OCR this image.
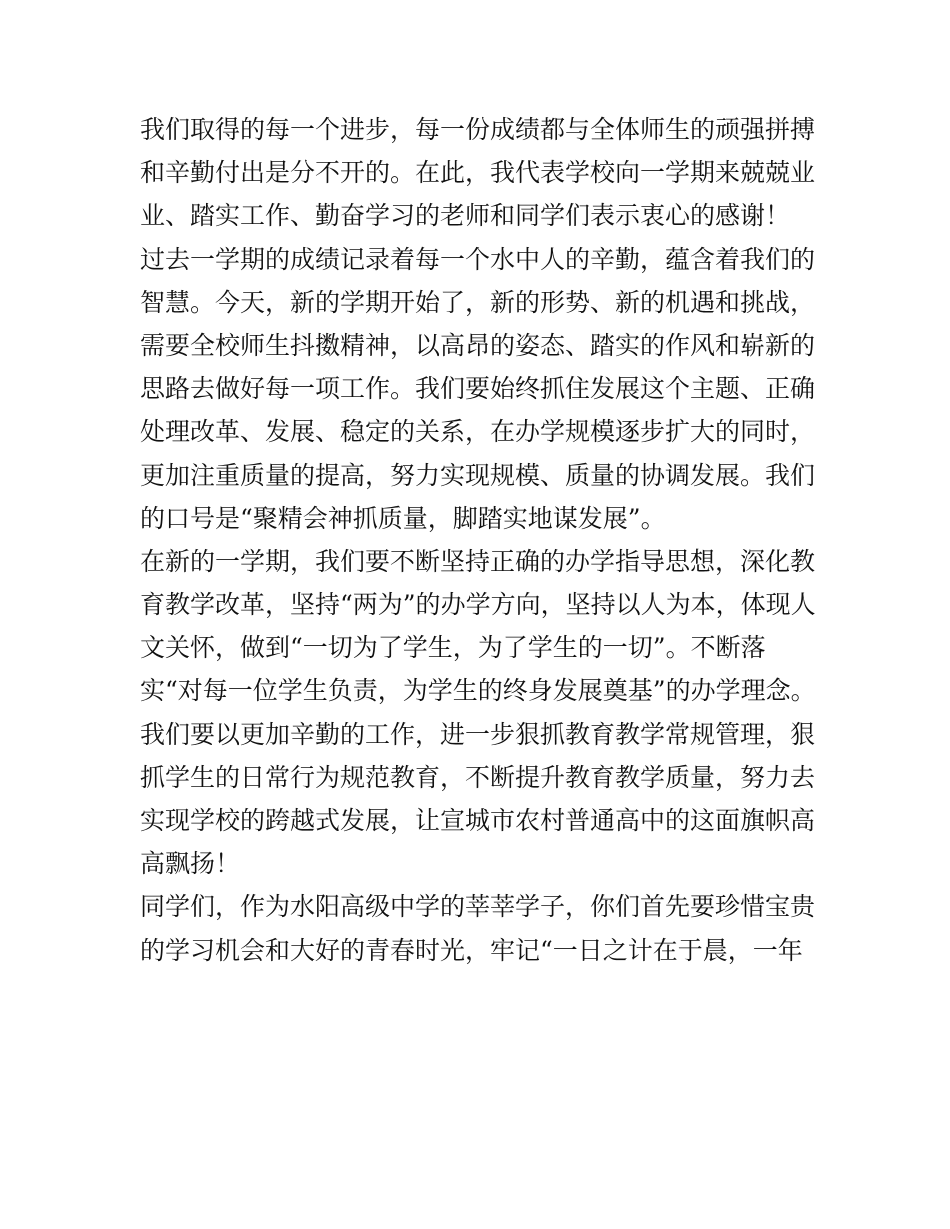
我们取得的每一个进步，每一份成绩都与全体师生的顽强拼搏
和辛勤付出是分不开的。在此，我代表学校向一学期来兢兢业
业、踏实工作、勤奋学习的老师和同学们表示衷心的感谢！
过去一学期的成绩记录着每一个水中人的辛勤，蕴含着我们的
智慧。今天，新的学期开始了，新的形势、新的机遇和挑战，
需要全校师生抖擞精神，以高昂的姿态、踏实的作风和崭新的
思路去做好每一项工作。我们要始终抓住发展这个主题、正确
处理改革、发展、稳定的关系，在办学规模逐步扩大的同时，
更加注重质量的提高，努力实现规模、质量的协调发展。我们
的口号是“聚精会神抓质量，脚踏实地谋发展”。
在新的一学期，我们要不断坚持正确的办学指导思想，深化教
育教学改革，坚持“两为”的办学方向，坚持以人为本，体现人
文关怀，做到“一切为了学生，为了学生的一切”。不断落
实“对每一位学生负责，为学生的终身发展奠基”的办学理念。
我们要以更加辛勤的工作，进一步狠抓教育教学常规管理，狠
抓学生的日常行为规范教育，不断提升教育教学质量，努力去
实现学校的跨越式发展，让宣城市农村普通高中的这面旗帜高
高飘扬！
同学们，作为水阳高级中学的莘莘学子，你们首先要珍惜宝贵
的学习机会和大好的青春时光，牢记“一日之计在于晨，一年
